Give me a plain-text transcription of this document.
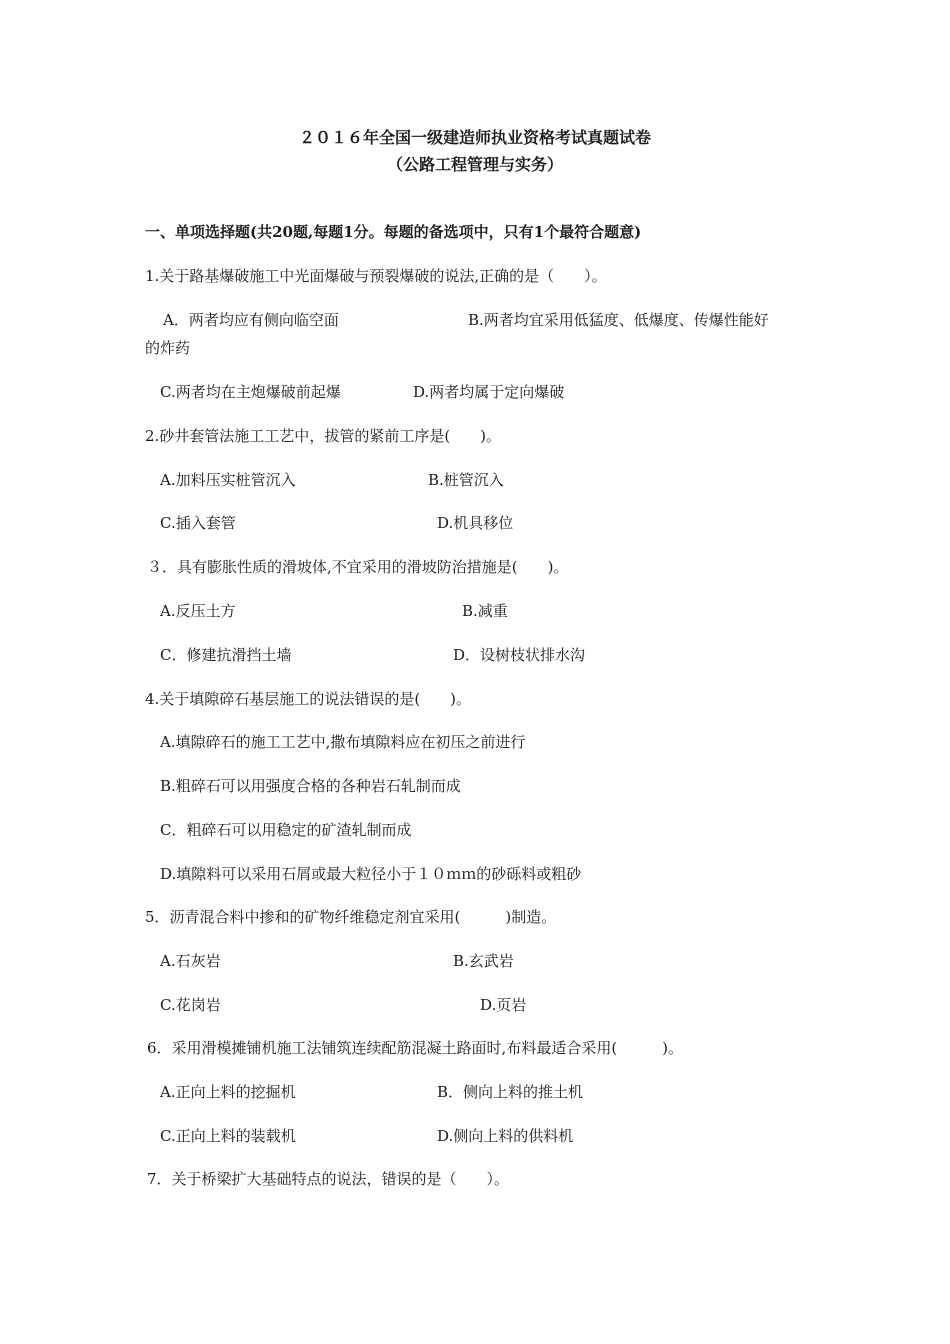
２０１６年全国一级建造师执业资格考试真题试卷
（公路工程管理与实务）
一、单项选择题(共20题,每题1分。每题的备选项中，只有1个最符合题意)
1.关于路基爆破施工中光面爆破与预裂爆破的说法,正确的是（　　）。
A．两者均应有侧向临空面	B.两者均宜采用低猛度、低爆度、传爆性能好
的炸药
C.两者均在主炮爆破前起爆	D.两者均属于定向爆破
2.砂井套管法施工工艺中，拔管的紧前工序是(　　)。
A.加料压实桩管沉入	B.桩管沉入
C.插入套管	D.机具移位
３．具有膨胀性质的滑坡体,不宜采用的滑坡防治措施是(　　)。
A.反压土方	B.减重
C．修建抗滑挡土墙	D．设树枝状排水沟
4.关于填隙碎石基层施工的说法错误的是(　　)。
A.填隙碎石的施工工艺中,撒布填隙料应在初压之前进行
B.粗碎石可以用强度合格的各种岩石轧制而成
C．粗碎石可以用稳定的矿渣轧制而成
D.填隙料可以采用石屑或最大粒径小于１０ｍｍ的砂砾料或粗砂
5．沥青混合料中掺和的矿物纤维稳定剂宜采用(　　　)制造。
A.石灰岩	B.玄武岩
C.花岗岩	D.页岩
6．采用滑模摊铺机施工法铺筑连续配筋混凝土路面时,布料最适合采用(　　　)。
A.正向上料的挖掘机	B．侧向上料的推土机
C.正向上料的装载机	D.侧向上料的供料机
7．关于桥梁扩大基础特点的说法，错误的是（　　）。
